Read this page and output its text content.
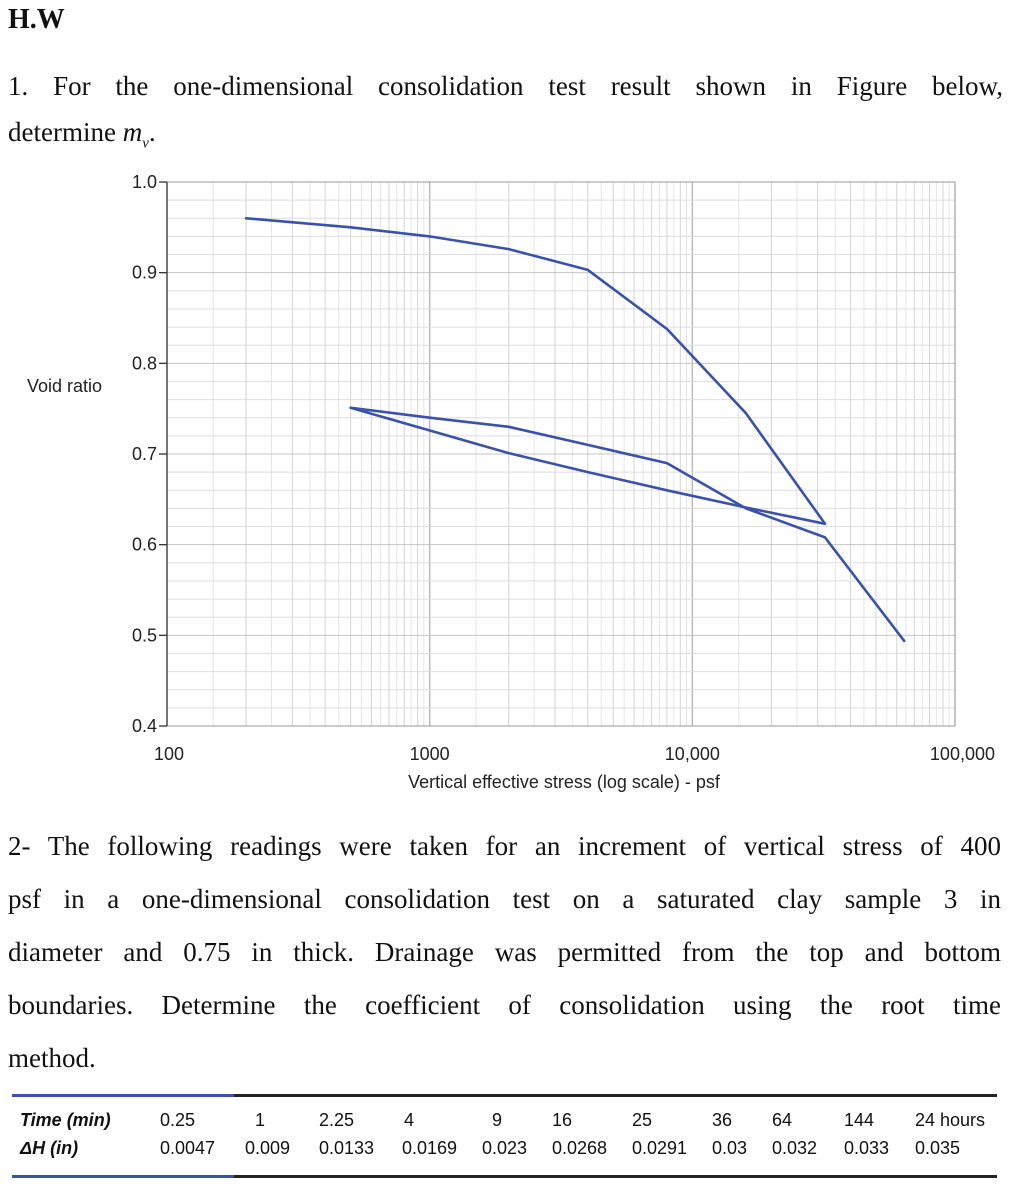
H.W
1. For the one-dimensional consolidation test result shown in Figure below,
determine $m_v$.
1.0
0.9
0.8
0.7
0.6
0.5
0.4
100	1000	10,000	100,000
Void ratio
Vertical effective stress (log scale) - psf
2- The following readings were taken for an increment of vertical stress of 400
psf in a one-dimensional consolidation test on a saturated clay sample 3 in
diameter and 0.75 in thick. Drainage was permitted from the top and bottom
boundaries. Determine the coefficient of consolidation using the root time
method.
Time (min)	0.25	1	2.25	4	9	16	25	36 64	144 24 hours
ΔH (in)	0.0047 0.009 0.0133 0.0169 0.023 0.0268 0.0291 0.03 0.032 0.033 0.035
